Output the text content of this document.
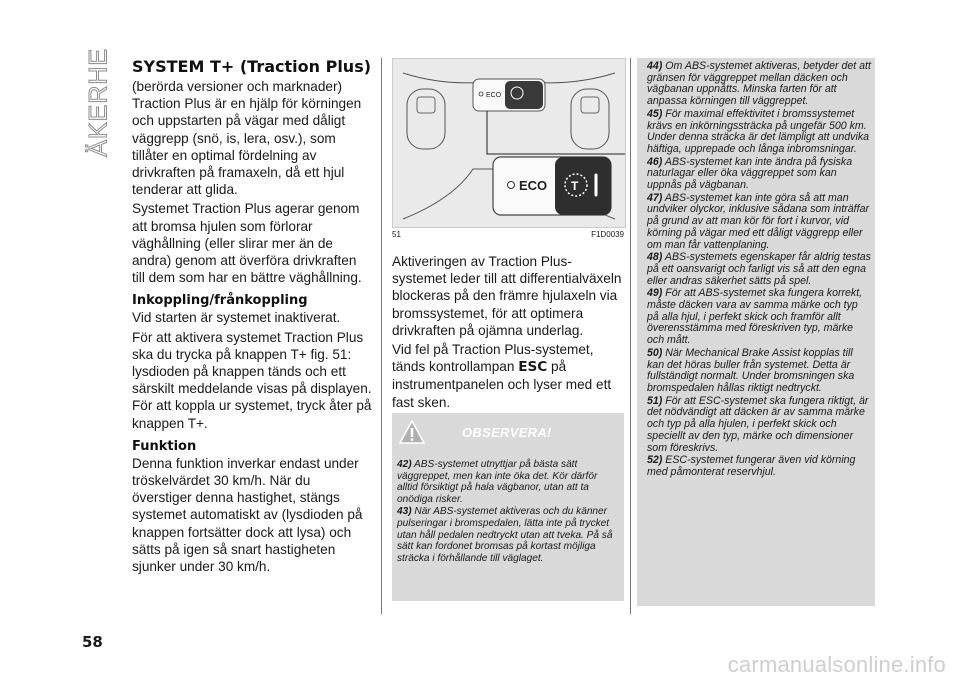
SÄKERHET SYSTEM T+ (Traction Plus)

(berörda versioner och marknader) Traction Plus är en hjälp för körningen och uppstarten på vägar med dåligt väggrepp (snö, is, lera, osv.), som tillåter en optimal fördelning av drivkraften på framaxeln, då ett hjul tenderar att glida.

Systemet Traction Plus agerar genom att bromsa hjulen som förlorar väghållning (eller slirar mer än de andra) genom att överföra drivkraften till dem som har en bättre väghållning.

Inkoppling/frånkoppling

Vid starten är systemet inaktiverat.

För att aktivera systemet Traction Plus ska du trycka på knappen T+ fig. 51: lysdioden på knappen tänds och ett särskilt meddelande visas på displayen. För att koppla ur systemet, tryck åter på knappen T+.

Funktion

Denna funktion inverkar endast under tröskelvärdet 30 km/h. När du överstiger denna hastighet, stängs systemet automatiskt av (lysdioden på knappen fortsätter dock att lysa) och sätts på igen så snart hastigheten sjunker under 30 km/h.

ECO
ECO T
51	F1D0039

Aktiveringen av Traction Plus-systemet leder till att differentialväxeln blockeras på den främre hjulaxeln via bromssystemet, för att optimera drivkraften på ojämna underlag.

Vid fel på Traction Plus-systemet, tänds kontrollampan ESC på instrumentpanelen och lyser med ett fast sken.

OBSERVERA!

42) ABS-systemet utnyttjar på bästa sätt väggreppet, men kan inte öka det. Kör därför alltid försiktigt på hala vägbanor, utan att ta onödiga risker.

43) När ABS-systemet aktiveras och du känner pulseringar i bromspedalen, lätta inte på trycket utan håll pedalen nedtryckt utan att tveka. På så sätt kan fordonet bromsas på kortast möjliga sträcka i förhållande till väglaget.

44) Om ABS-systemet aktiveras, betyder det att gränsen för väggreppet mellan däcken och vägbanan uppnåtts. Minska farten för att anpassa körningen till väggreppet.

45) För maximal effektivitet i bromssystemet krävs en inkörningssträcka på ungefär 500 km. Under denna sträcka är det lämpligt att undvika häftiga, upprepade och långa inbromsningar.

46) ABS-systemet kan inte ändra på fysiska naturlagar eller öka väggreppet som kan uppnås på vägbanan.

47) ABS-systemet kan inte göra så att man undviker olyckor, inklusive sådana som inträffar på grund av att man kör för fort i kurvor, vid körning på vägar med ett dåligt väggrepp eller om man får vattenplaning.

48) ABS-systemets egenskaper får aldrig testas på ett oansvarigt och farligt vis så att den egna eller andras säkerhet sätts på spel.

49) För att ABS-systemet ska fungera korrekt, måste däcken vara av samma märke och typ på alla hjul, i perfekt skick och framför allt överensstämma med föreskriven typ, märke och mått.

50) När Mechanical Brake Assist kopplas till kan det höras buller från systemet. Detta är fullständigt normalt. Under bromsningen ska bromspedalen hållas riktigt nedtryckt.

51) För att ESC-systemet ska fungera riktigt, är det nödvändigt att däcken är av samma märke och typ på alla hjulen, i perfekt skick och speciellt av den typ, märke och dimensioner som föreskrivs.

52) ESC-systemet fungerar även vid körning med påmonterat reservhjul.

58
carmanualsonline.info
